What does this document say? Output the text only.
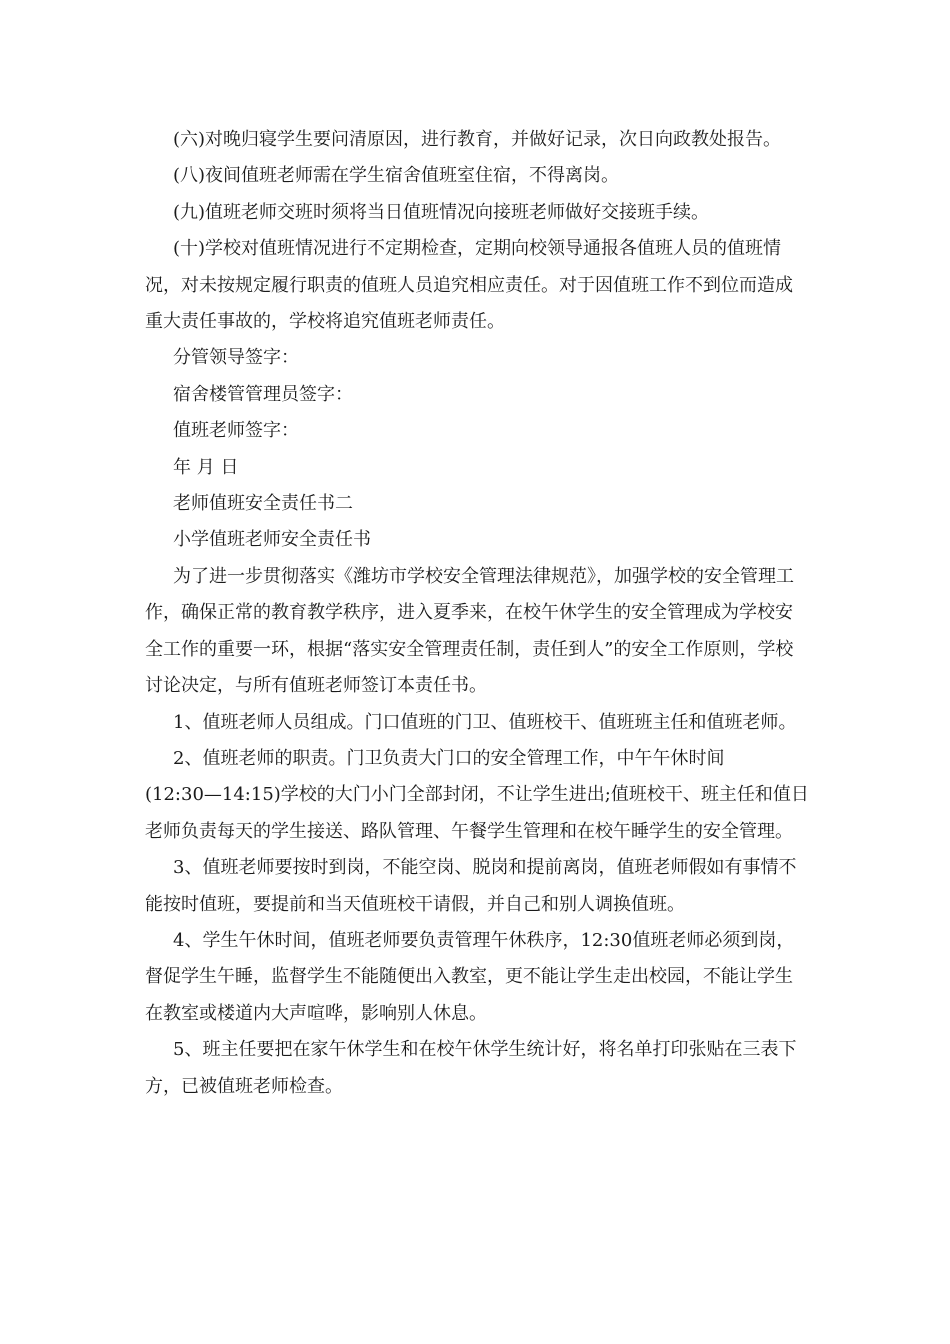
(六)对晚归寝学生要问清原因，进行教育，并做好记录，次日向政教处报告。

(八)夜间值班老师需在学生宿舍值班室住宿，不得离岗。

(九)值班老师交班时须将当日值班情况向接班老师做好交接班手续。

(十)学校对值班情况进行不定期检查，定期向校领导通报各值班人员的值班情况，对未按规定履行职责的值班人员追究相应责任。对于因值班工作不到位而造成重大责任事故的，学校将追究值班老师责任。

分管领导签字：

宿舍楼管管理员签字：

值班老师签字：

年 月 日

老师值班安全责任书二

小学值班老师安全责任书

为了进一步贯彻落实《潍坊市学校安全管理法律规范》，加强学校的安全管理工作，确保正常的教育教学秩序，进入夏季来，在校午休学生的安全管理成为学校安全工作的重要一环，根据“落实安全管理责任制，责任到人”的安全工作原则，学校讨论决定，与所有值班老师签订本责任书。

1、值班老师人员组成。门口值班的门卫、值班校干、值班班主任和值班老师。

2、值班老师的职责。门卫负责大门口的安全管理工作，中午午休时间

(12:30—14:15)学校的大门小门全部封闭，不让学生进出;值班校干、班主任和值日老师负责每天的学生接送、路队管理、午餐学生管理和在校午睡学生的安全管理。

3、值班老师要按时到岗，不能空岗、脱岗和提前离岗，值班老师假如有事情不能按时值班，要提前和当天值班校干请假，并自己和别人调换值班。

4、学生午休时间，值班老师要负责管理午休秩序，12:30值班老师必须到岗，督促学生午睡，监督学生不能随便出入教室，更不能让学生走出校园，不能让学生在教室或楼道内大声喧哗，影响别人休息。

5、班主任要把在家午休学生和在校午休学生统计好，将名单打印张贴在三表下方，已被值班老师检查。
